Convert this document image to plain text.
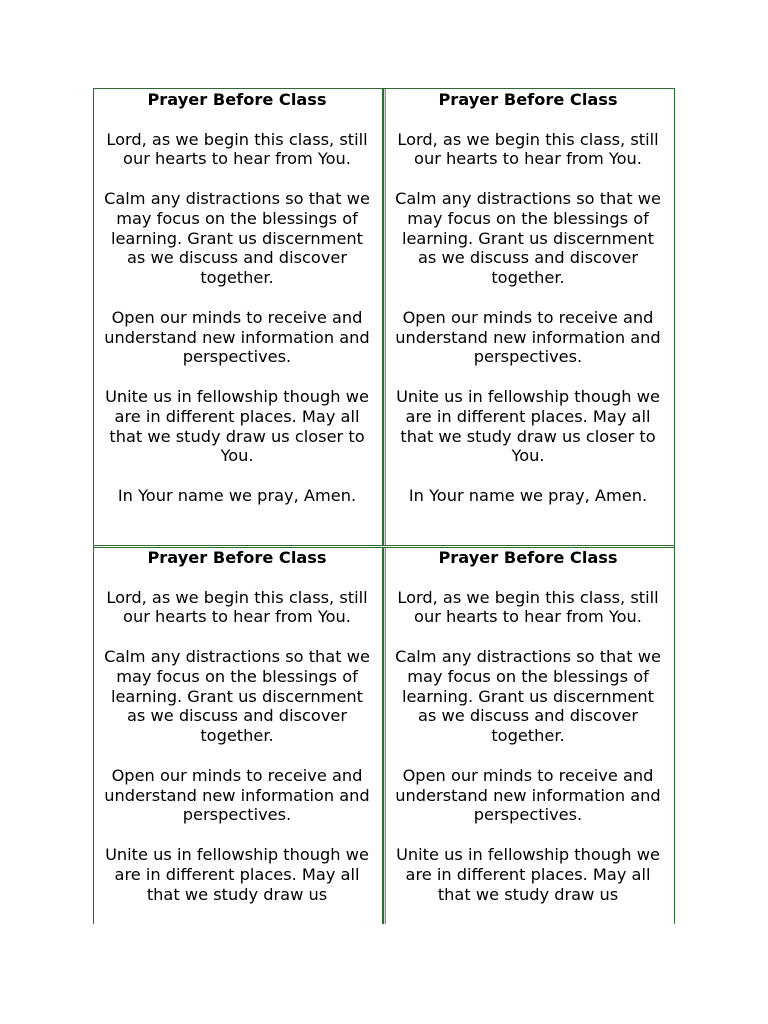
Prayer Before Class

Lord, as we begin this class, still our hearts to hear from You.

Calm any distractions so that we may focus on the blessings of learning. Grant us discernment as we discuss and discover together.

Open our minds to receive and understand new information and perspectives.

Unite us in fellowship though we are in different places. May all that we study draw us closer to You.

In Your name we pray, Amen.

Prayer Before Class

Lord, as we begin this class, still our hearts to hear from You.

Calm any distractions so that we may focus on the blessings of learning. Grant us discernment as we discuss and discover together.

Open our minds to receive and understand new information and perspectives.

Unite us in fellowship though we are in different places. May all that we study draw us closer to You.

In Your name we pray, Amen.

Prayer Before Class

Lord, as we begin this class, still our hearts to hear from You.

Calm any distractions so that we may focus on the blessings of learning. Grant us discernment as we discuss and discover together.

Open our minds to receive and understand new information and perspectives.

Unite us in fellowship though we are in different places. May all that we study draw us

Prayer Before Class

Lord, as we begin this class, still our hearts to hear from You.

Calm any distractions so that we may focus on the blessings of learning. Grant us discernment as we discuss and discover together.

Open our minds to receive and understand new information and perspectives.

Unite us in fellowship though we are in different places. May all that we study draw us
